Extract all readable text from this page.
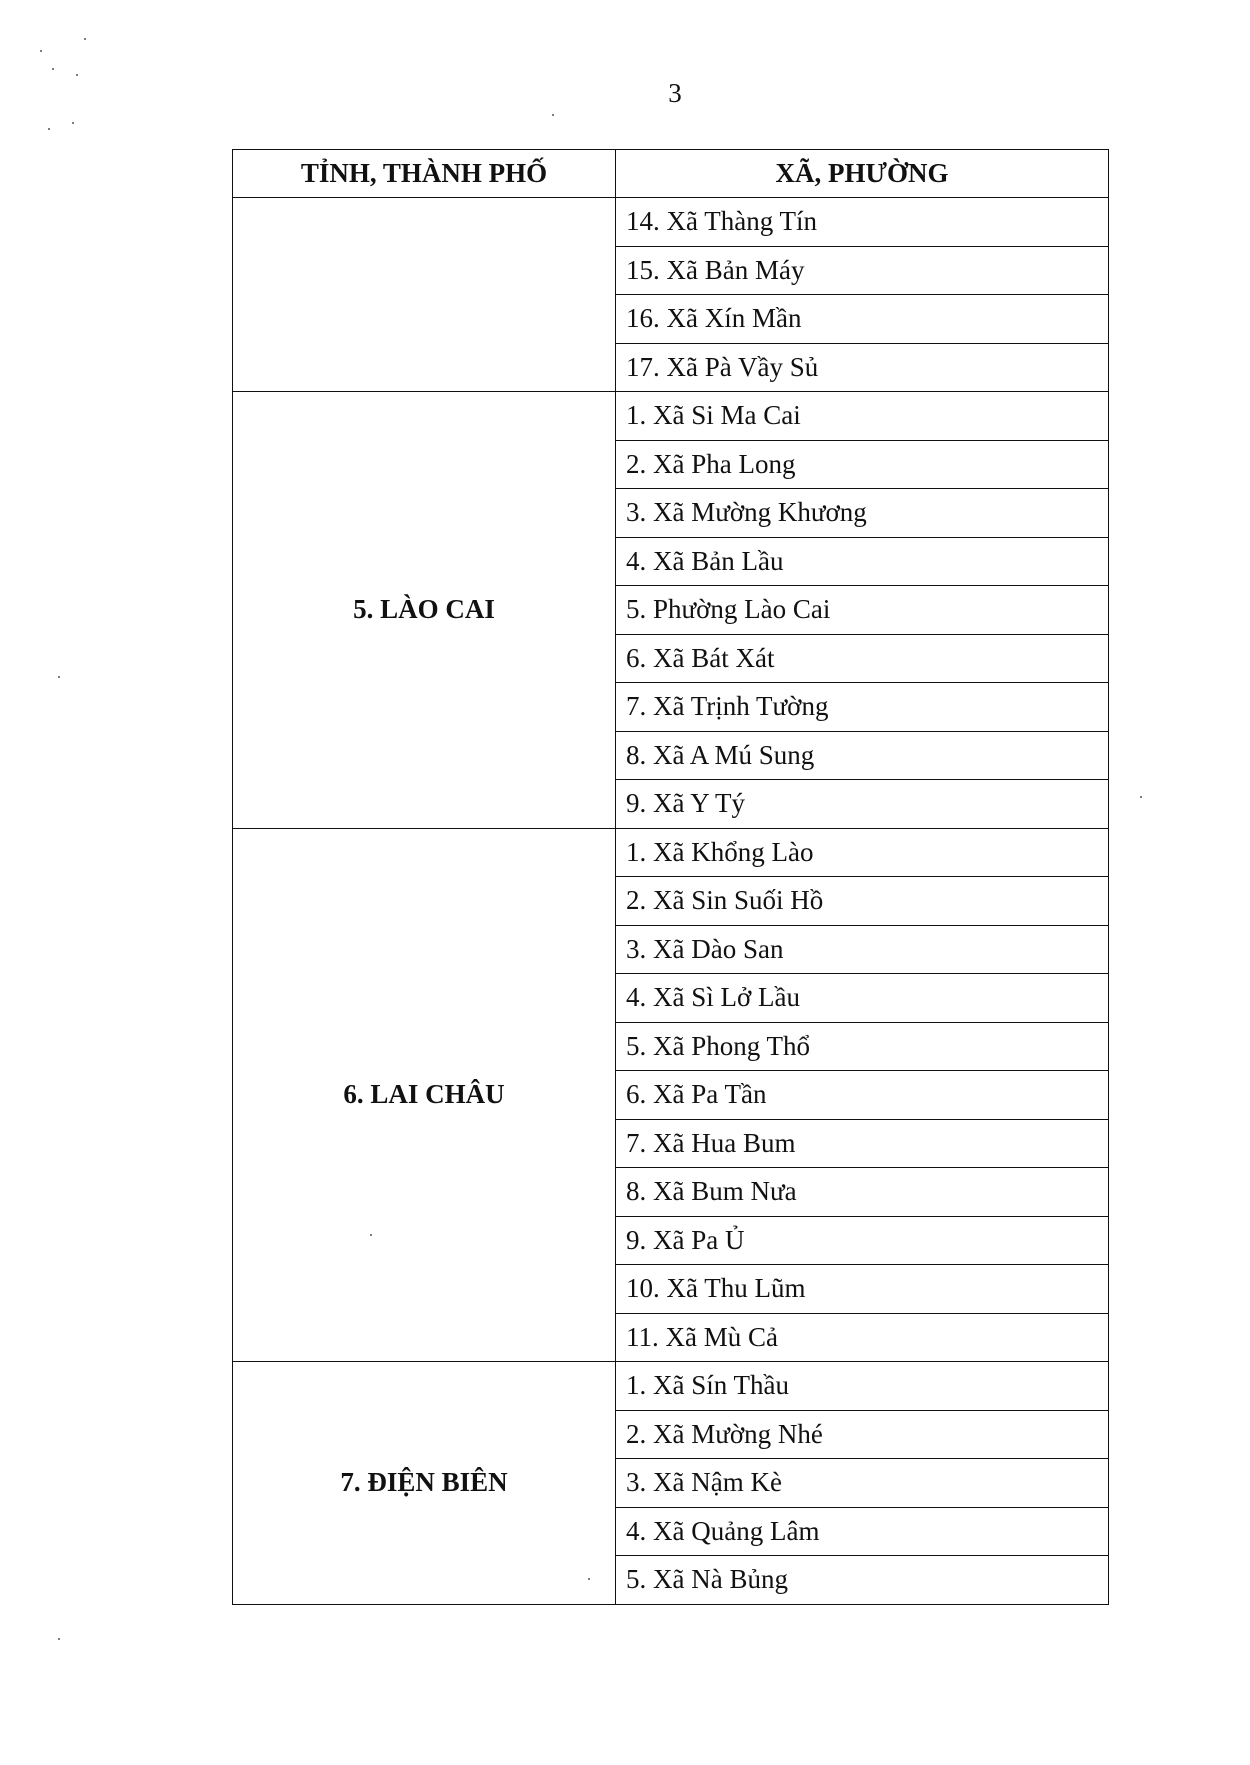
3
TỈNH, THÀNH PHỐ	XÃ, PHƯỜNG
	14. Xã Thàng Tín
	15. Xã Bản Máy
	16. Xã Xín Mần
	17. Xã Pà Vầy Sủ
5. LÀO CAI	1. Xã Si Ma Cai
	2. Xã Pha Long
	3. Xã Mường Khương
	4. Xã Bản Lầu
	5. Phường Lào Cai
	6. Xã Bát Xát
	7. Xã Trịnh Tường
	8. Xã A Mú Sung
	9. Xã Y Tý
6. LAI CHÂU	1. Xã Khổng Lào
	2. Xã Sin Suối Hồ
	3. Xã Dào San
	4. Xã Sì Lở Lầu
	5. Xã Phong Thổ
	6. Xã Pa Tần
	7. Xã Hua Bum
	8. Xã Bum Nưa
	9. Xã Pa Ủ
	10. Xã Thu Lũm
	11. Xã Mù Cả
7. ĐIỆN BIÊN	1. Xã Sín Thầu
	2. Xã Mường Nhé
	3. Xã Nậm Kè
	4. Xã Quảng Lâm
	5. Xã Nà Bủng
